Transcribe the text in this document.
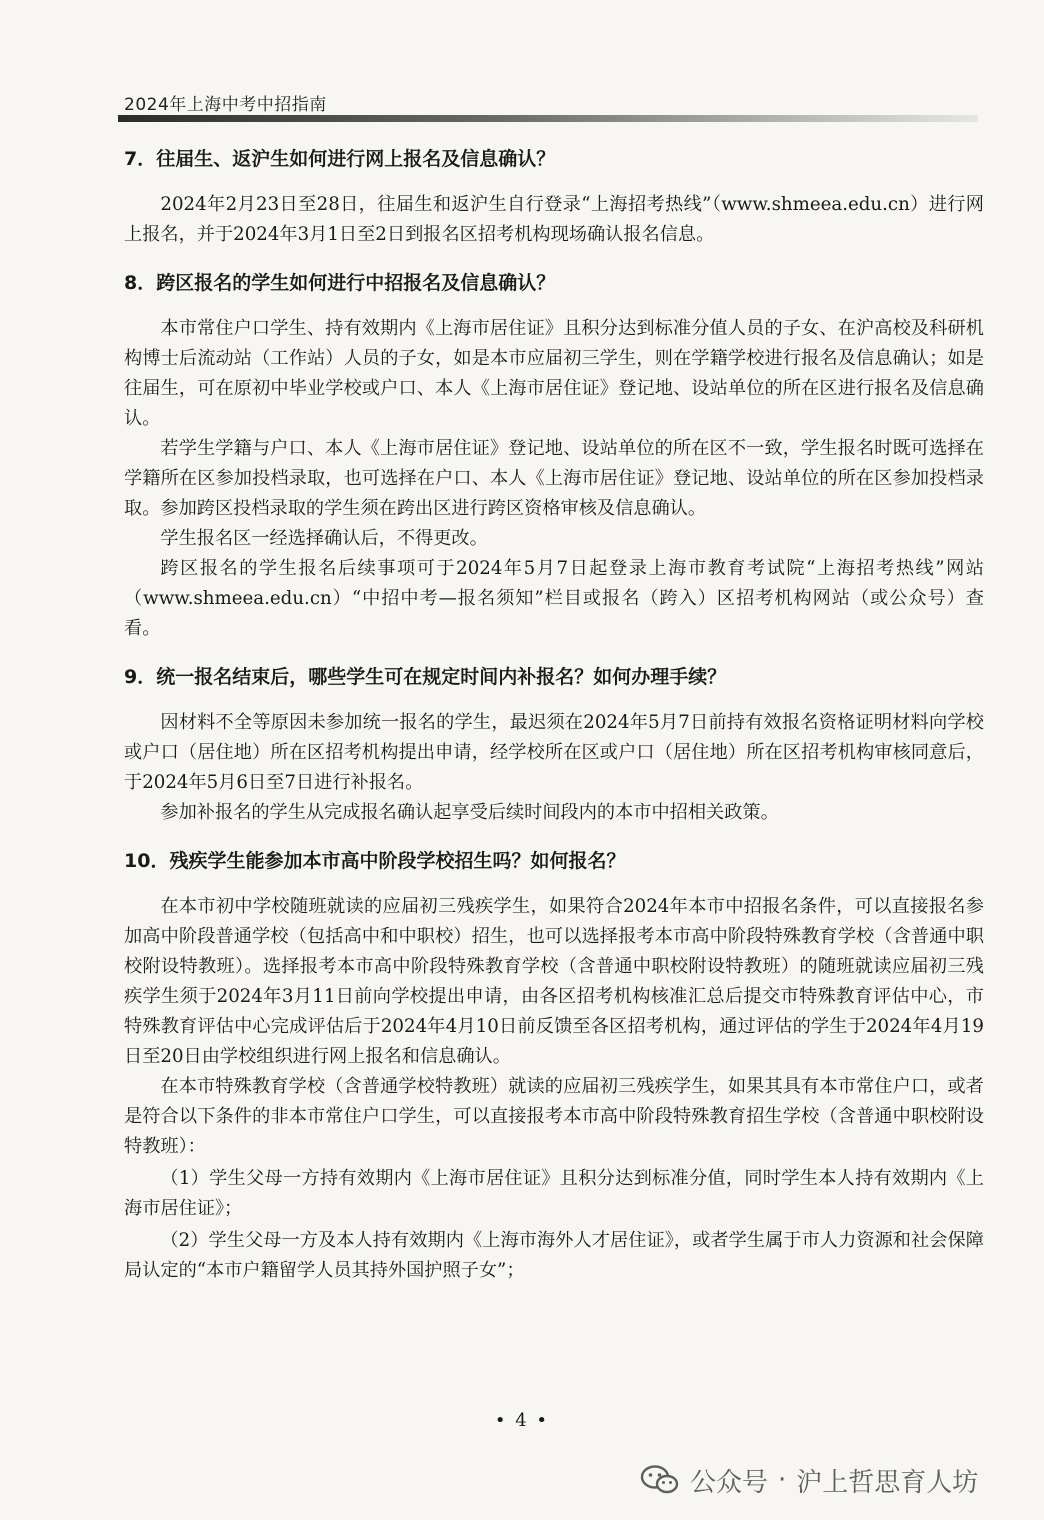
2024年上海中考中招指南
7．往届生、返沪生如何进行网上报名及信息确认？

2024年2月23日至28日，往届生和返沪生自行登录“上海招考热线”（www.shmeea.edu.cn）进行网上报名，并于2024年3月1日至2日到报名区招考机构现场确认报名信息。

8．跨区报名的学生如何进行中招报名及信息确认？

本市常住户口学生、持有效期内《上海市居住证》且积分达到标准分值人员的子女、在沪高校及科研机构博士后流动站（工作站）人员的子女，如是本市应届初三学生，则在学籍学校进行报名及信息确认；如是往届生，可在原初中毕业学校或户口、本人《上海市居住证》登记地、设站单位的所在区进行报名及信息确认。

若学生学籍与户口、本人《上海市居住证》登记地、设站单位的所在区不一致，学生报名时既可选择在学籍所在区参加投档录取，也可选择在户口、本人《上海市居住证》登记地、设站单位的所在区参加投档录取。参加跨区投档录取的学生须在跨出区进行跨区资格审核及信息确认。

学生报名区一经选择确认后，不得更改。

跨区报名的学生报名后续事项可于2024年5月7日起登录上海市教育考试院“上海招考热线”网站（www.shmeea.edu.cn）“中招中考—报名须知”栏目或报名（跨入）区招考机构网站（或公众号）查看。

9．统一报名结束后，哪些学生可在规定时间内补报名？如何办理手续？

因材料不全等原因未参加统一报名的学生，最迟须在2024年5月7日前持有效报名资格证明材料向学校或户口（居住地）所在区招考机构提出申请，经学校所在区或户口（居住地）所在区招考机构审核同意后，于2024年5月6日至7日进行补报名。

参加补报名的学生从完成报名确认起享受后续时间段内的本市中招相关政策。

10．残疾学生能参加本市高中阶段学校招生吗？如何报名？

在本市初中学校随班就读的应届初三残疾学生，如果符合2024年本市中招报名条件，可以直接报名参加高中阶段普通学校（包括高中和中职校）招生，也可以选择报考本市高中阶段特殊教育学校（含普通中职校附设特教班）。选择报考本市高中阶段特殊教育学校（含普通中职校附设特教班）的随班就读应届初三残疾学生须于2024年3月11日前向学校提出申请，由各区招考机构核准汇总后提交市特殊教育评估中心，市特殊教育评估中心完成评估后于2024年4月10日前反馈至各区招考机构，通过评估的学生于2024年4月19日至20日由学校组织进行网上报名和信息确认。

在本市特殊教育学校（含普通学校特教班）就读的应届初三残疾学生，如果其具有本市常住户口，或者是符合以下条件的非本市常住户口学生，可以直接报考本市高中阶段特殊教育招生学校（含普通中职校附设特教班）：

（1）学生父母一方持有效期内《上海市居住证》且积分达到标准分值，同时学生本人持有效期内《上海市居住证》；

（2）学生父母一方及本人持有效期内《上海市海外人才居住证》，或者学生属于市人力资源和社会保障局认定的“本市户籍留学人员其持外国护照子女”；

• 4 •
公众号 · 沪上哲思育人坊
